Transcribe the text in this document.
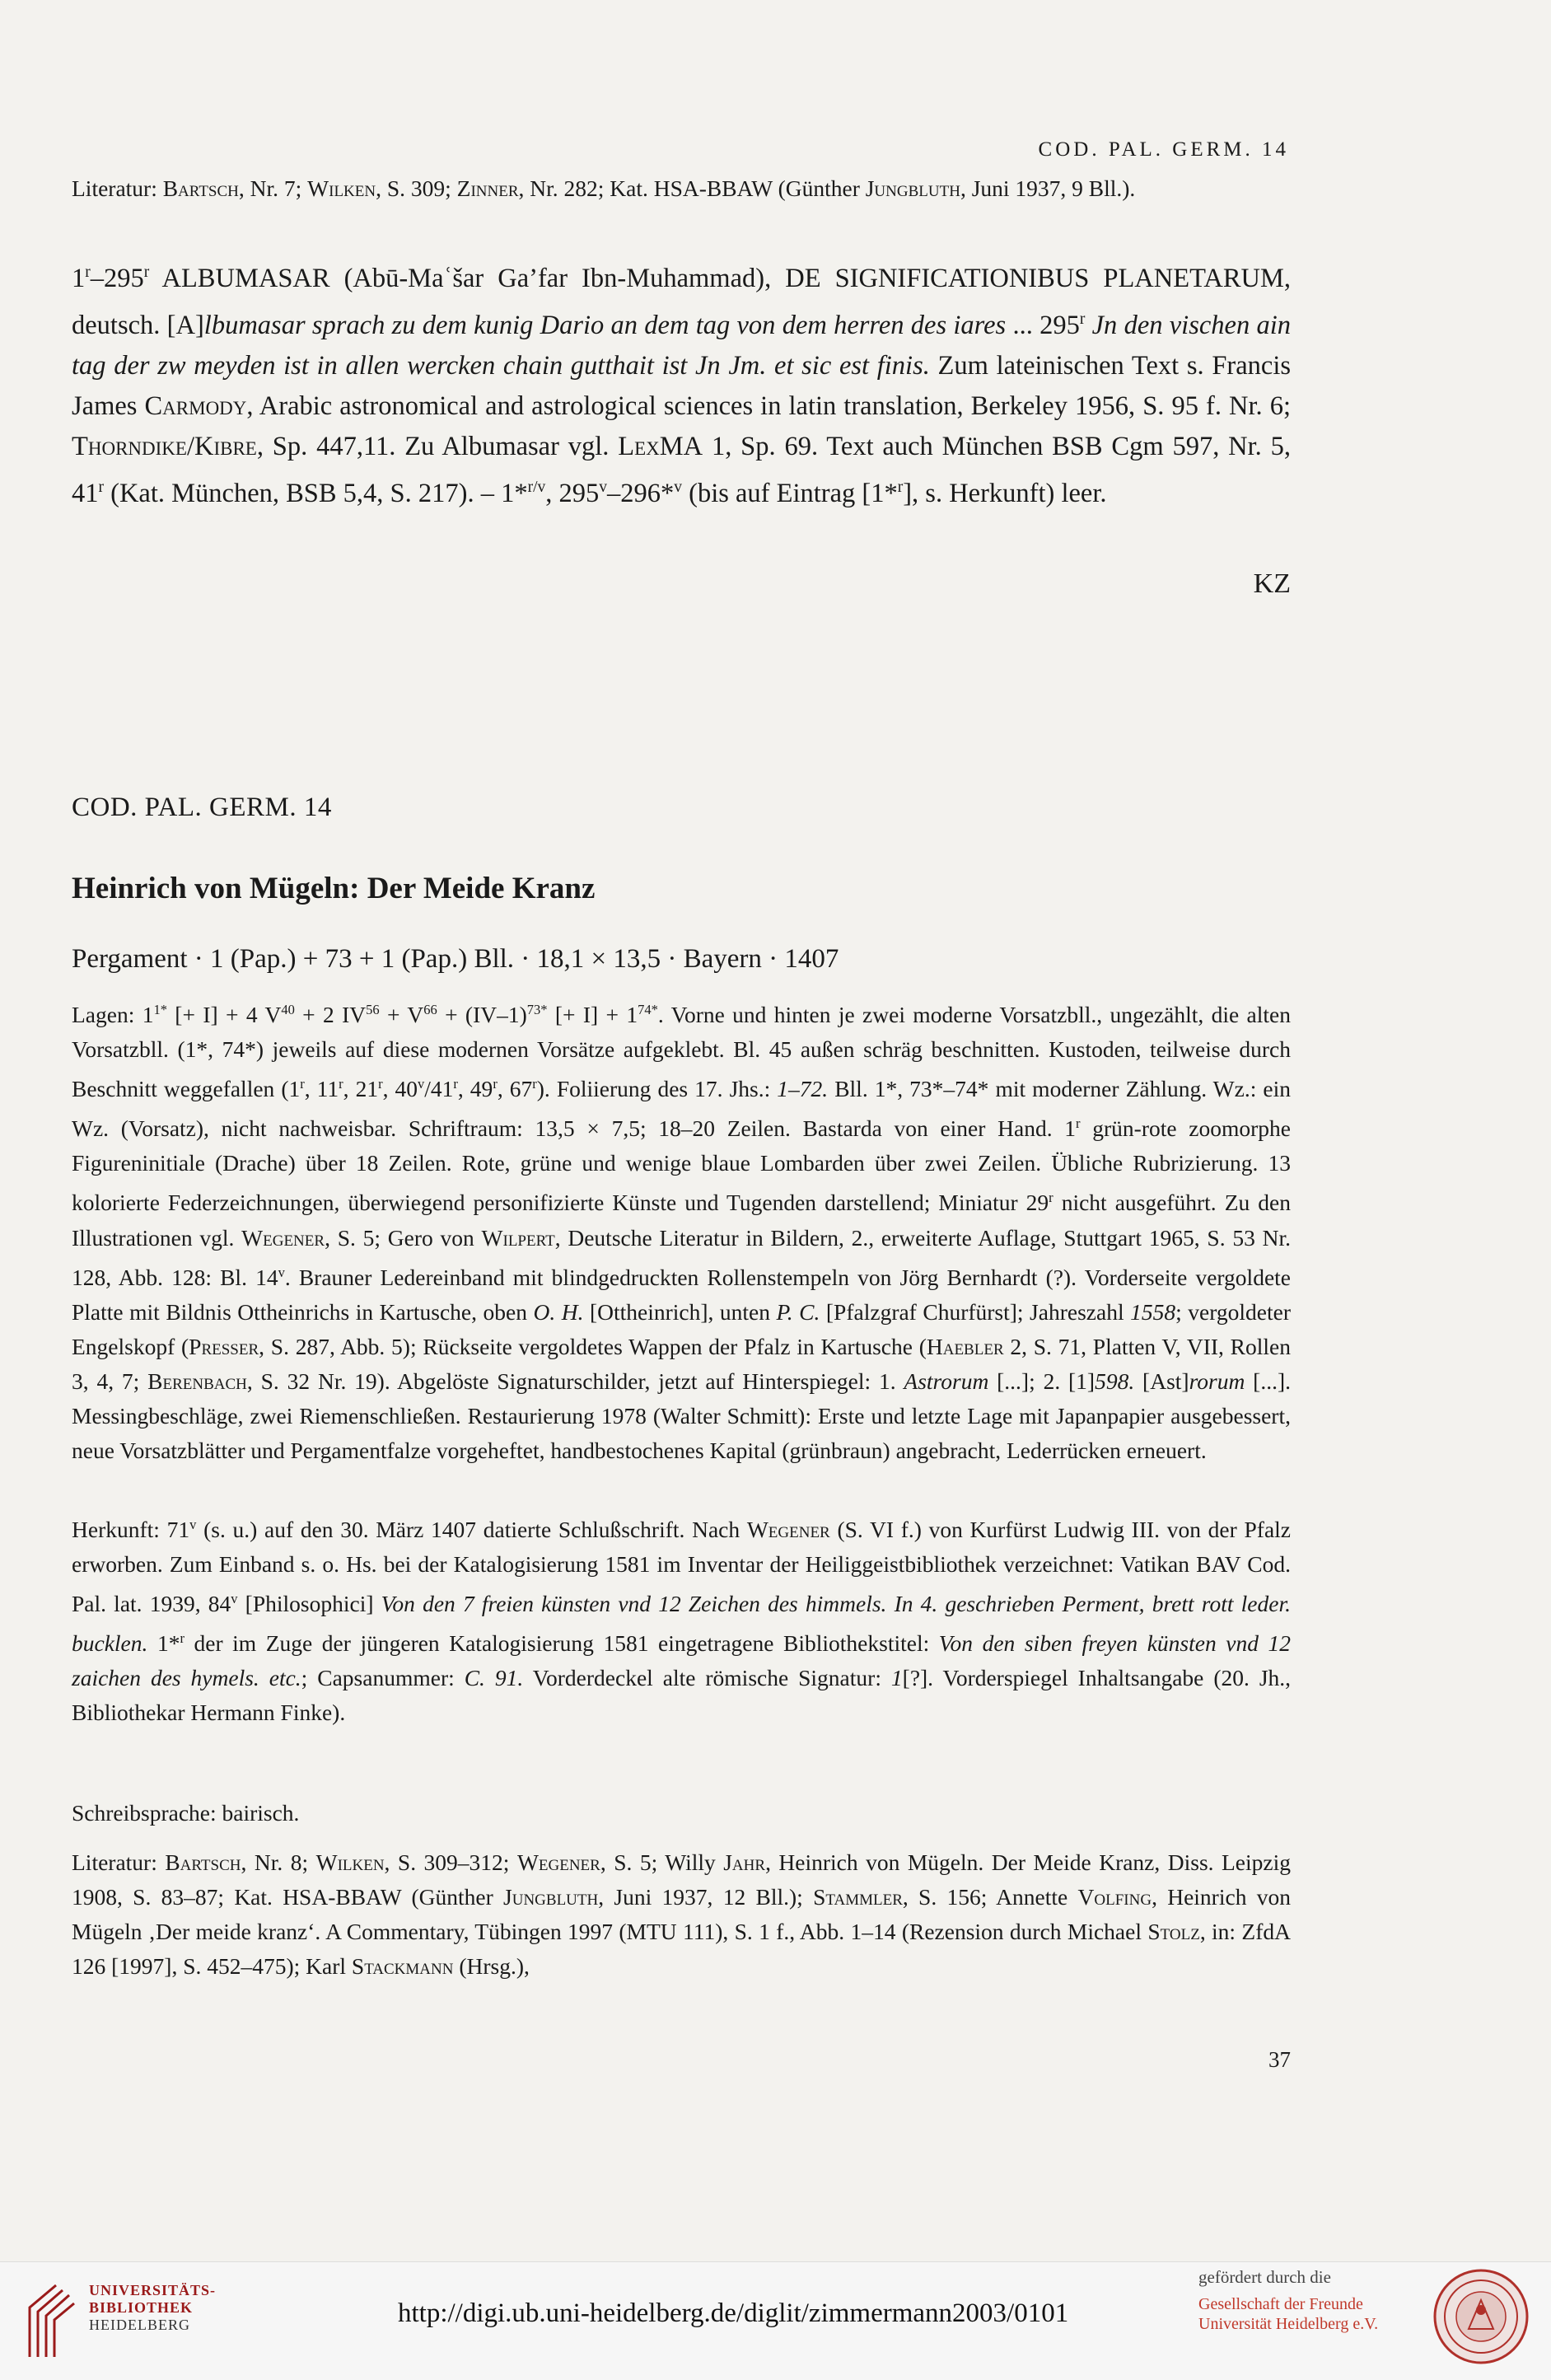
COD. PAL. GERM. 14
Literatur: Bartsch, Nr. 7; Wilken, S. 309; Zinner, Nr. 282; Kat. HSA-BBAW (Günther Jungbluth, Juni 1937, 9 Bll.).
1$^r$–295$^r$ ALBUMASAR (Abū-Maʿšar Ga’far Ibn-Muhammad), DE SIGNIFICATIONIBUS PLANETARUM, deutsch. [A]lbumasar sprach zu dem kunig Dario an dem tag von dem herren des iares ... 295$^r$ Jn den vischen ain tag der zw meyden ist in allen wercken chain gutthait ist Jn Jm. et sic est finis. Zum lateinischen Text s. Francis James Carmody, Arabic astronomical and astrological sciences in latin translation, Berkeley 1956, S. 95 f. Nr. 6; Thorndike/Kibre, Sp. 447,11. Zu Albumasar vgl. LexMA 1, Sp. 69. Text auch München BSB Cgm 597, Nr. 5, 41$^r$ (Kat. München, BSB 5,4, S. 217). – 1*$^{r/v}$, 295$^v$–296*$^v$ (bis auf Eintrag [1*$^r$], s. Herkunft) leer.
KZ
COD. PAL. GERM. 14
Heinrich von Mügeln: Der Meide Kranz
Pergament · 1 (Pap.) + 73 + 1 (Pap.) Bll. · 18,1 × 13,5 · Bayern · 1407
Lagen: $1^{1*}$ [+ I] + 4 $V^{40} + 2$ $IV^{56} + V^{66} + (IV-1)^{73*}$ [+ $I] + 1^{74*}$. Vorne und hinten je zwei moderne Vorsatzbll., ungezählt, die alten Vorsatzbll. (1*, 74*) jeweils auf diese modernen Vorsätze aufgeklebt. Bl. 45 außen schräg beschnitten. Kustoden, teilweise durch Beschnitt weggefallen (1$^r$, 11$^r$, 21$^r$, 40$^v$/41$^r$, 49$^r$, 67$^r$). Foliierung des 17. Jhs.: 1–72. Bll. 1*, 73*–74* mit moderner Zählung. Wz.: ein Wz. (Vorsatz), nicht nachweisbar. Schriftraum: 13,5 × 7,5; 18–20 Zeilen. Bastarda von einer Hand. 1$^r$ grün-rote zoomorphe Figureninitiale (Drache) über 18 Zeilen. Rote, grüne und wenige blaue Lombarden über zwei Zeilen. Übliche Rubrizierung. 13 kolorierte Federzeichnungen, überwiegend personifizierte Künste und Tugenden darstellend; Miniatur 29$^r$ nicht ausgeführt. Zu den Illustrationen vgl. Wegener, S. 5; Gero von Wilpert, Deutsche Literatur in Bildern, 2., erweiterte Auflage, Stuttgart 1965, S. 53 Nr. 128, Abb. 128: Bl. 14$^v$. Brauner Ledereinband mit blindgedruckten Rollenstempeln von Jörg Bernhardt (?). Vorderseite vergoldete Platte mit Bildnis Ottheinrichs in Kartusche, oben O. H. [Ottheinrich], unten P. C. [Pfalzgraf Churfürst]; Jahreszahl 1558; vergoldeter Engelskopf (Presser, S. 287, Abb. 5); Rückseite vergoldetes Wappen der Pfalz in Kartusche (Haebler 2, S. 71, Platten V, VII, Rollen 3, 4, 7; Berenbach, S. 32 Nr. 19). Abgelöste Signaturschilder, jetzt auf Hinterspiegel: 1. Astrorum [...]; 2. [1]598. [Ast]rorum [...]. Messingbeschläge, zwei Riemenschließen. Restaurierung 1978 (Walter Schmitt): Erste und letzte Lage mit Japanpapier ausgebessert, neue Vorsatzblätter und Pergamentfalze vorgeheftet, handbestochenes Kapital (grünbraun) angebracht, Lederrücken erneuert.
Herkunft: 71$^v$ (s. u.) auf den 30. März 1407 datierte Schlußschrift. Nach Wegener (S. VI f.) von Kurfürst Ludwig III. von der Pfalz erworben. Zum Einband s. o. Hs. bei der Katalogisierung 1581 im Inventar der Heiliggeistbibliothek verzeichnet: Vatikan BAV Cod. Pal. lat. 1939, 84$^v$ [Philosophici] Von den 7 freien künsten vnd 12 Zeichen des himmels. In 4. geschrieben Perment, brett rott leder. bucklen. 1*$^r$ der im Zuge der jüngeren Katalogisierung 1581 eingetragene Bibliothekstitel: Von den siben freyen künsten vnd 12 zaichen des hymels. etc.; Capsanummer: C. 91. Vorderdeckel alte römische Signatur: 1[?]. Vorderspiegel Inhaltsangabe (20. Jh., Bibliothekar Hermann Finke).
Schreibsprache: bairisch.
Literatur: Bartsch, Nr. 8; Wilken, S. 309–312; Wegener, S. 5; Willy Jahr, Heinrich von Mügeln. Der Meide Kranz, Diss. Leipzig 1908, S. 83–87; Kat. HSA-BBAW (Günther Jungbluth, Juni 1937, 12 Bll.); Stammler, S. 156; Annette Volfing, Heinrich von Mügeln ‚Der meide kranz‘. A Commentary, Tübingen 1997 (MTU 111), S. 1 f., Abb. 1–14 (Rezension durch Michael Stolz, in: ZfdA 126 [1997], S. 452–475); Karl Stackmann (Hrsg.),
37
UNIVERSITÄTS-
BIBLIOTHEK
HEIDELBERG	http://digi.ub.uni-heidelberg.de/diglit/zimmermann2003/0101
gefördert durch die
Gesellschaft der Freunde
Universität Heidelberg e.V.
